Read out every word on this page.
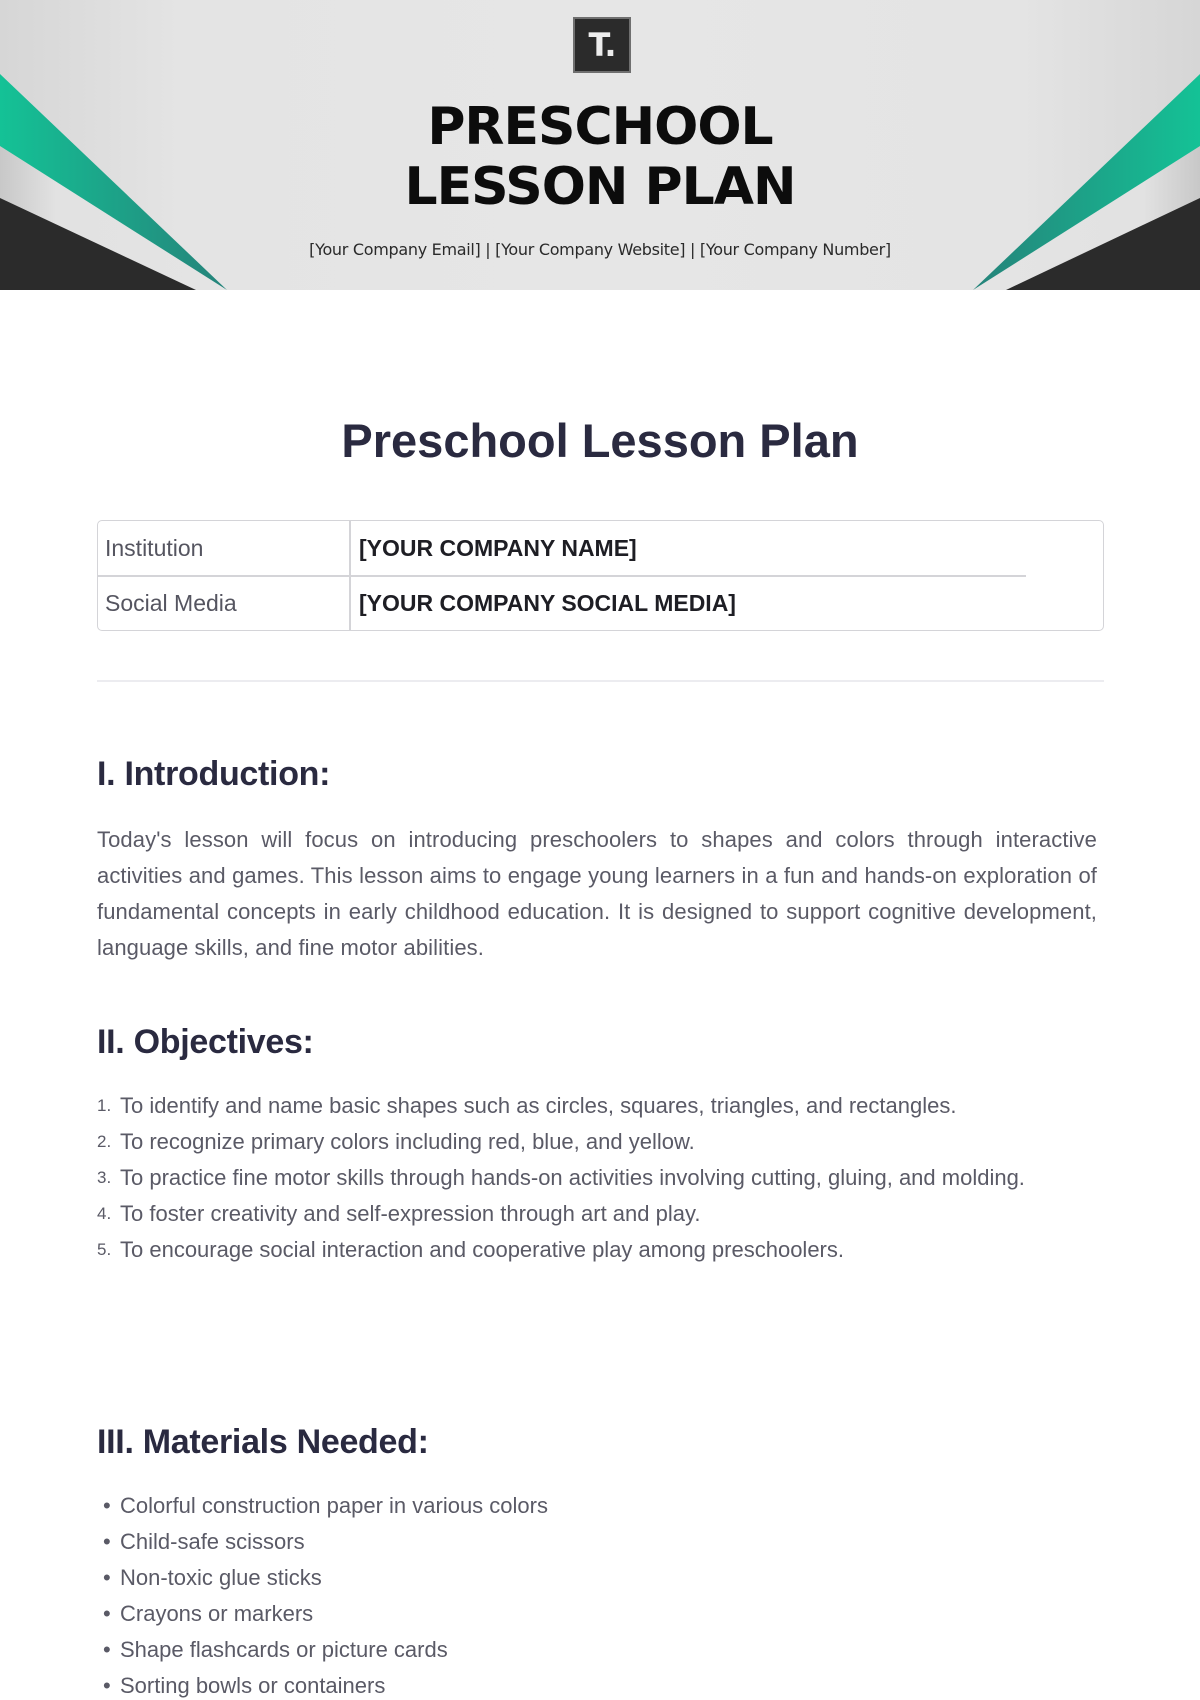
T.
PRESCHOOL
LESSON PLAN
[Your Company Email] | [Your Company Website] | [Your Company Number]
Preschool Lesson Plan
Institution	[YOUR COMPANY NAME]
Social Media	[YOUR COMPANY SOCIAL MEDIA]
I. Introduction:

Today's lesson will focus on introducing preschoolers to shapes and colors through interactive activities and games. This lesson aims to engage young learners in a fun and hands-on exploration of fundamental concepts in early childhood education. It is designed to support cognitive development, language skills, and fine motor abilities.

II. Objectives:
1. To identify and name basic shapes such as circles, squares, triangles, and rectangles.
2. To recognize primary colors including red, blue, and yellow.
3. To practice fine motor skills through hands-on activities involving cutting, gluing, and molding.
4. To foster creativity and self-expression through art and play.
5. To encourage social interaction and cooperative play among preschoolers.
III. Materials Needed:
• Colorful construction paper in various colors
• Child-safe scissors
• Non-toxic glue sticks
• Crayons or markers
• Shape flashcards or picture cards
• Sorting bowls or containers
